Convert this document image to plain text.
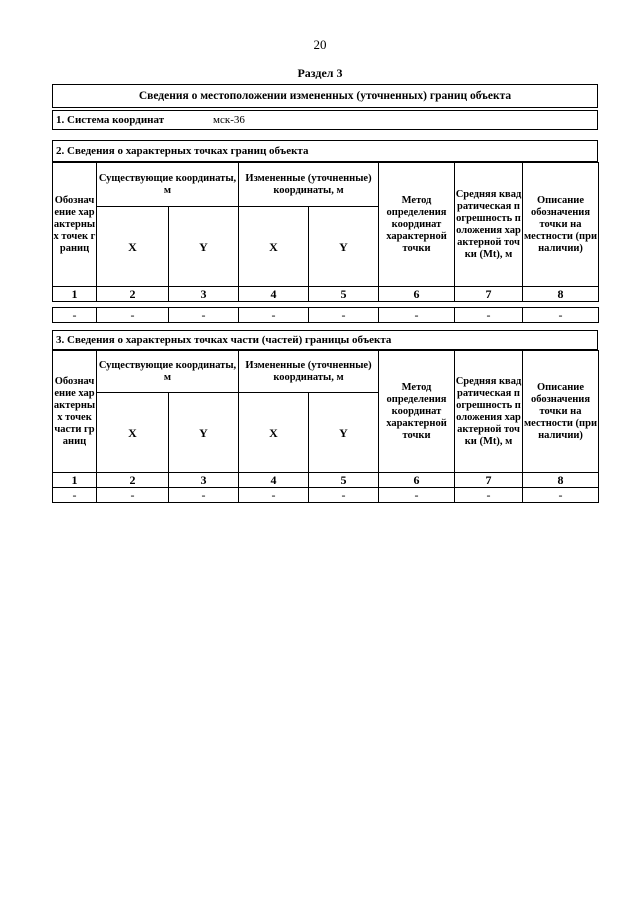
20
Раздел 3
Сведения о местоположении измененных (уточненных) границ объекта
1. Система координат	мск-36
2. Сведения о характерных точках границ объекта
Обозначение характерных точек границ	Существующие координаты, м		Измененные (уточненные) координаты, м		Метод определения координат характерной точки	Средняя квадратическая погрешность положения характерной точки (Mt), м	Описание обозначения точки на местности (при наличии)
	X	Y	X	Y			
1	2	3	4	5	6	7	8

-	-	-	-	-	-	-	-
3. Сведения о характерных точках части (частей) границы объекта
Обозначение характерных точек части границ	Существующие координаты, м		Измененные (уточненные) координаты, м		Метод определения координат характерной точки	Средняя квадратическая погрешность положения характерной точки (Mt), м	Описание обозначения точки на местности (при наличии)
	X	Y	X	Y			
1	2	3	4	5	6	7	8
-	-	-	-	-	-	-	-
